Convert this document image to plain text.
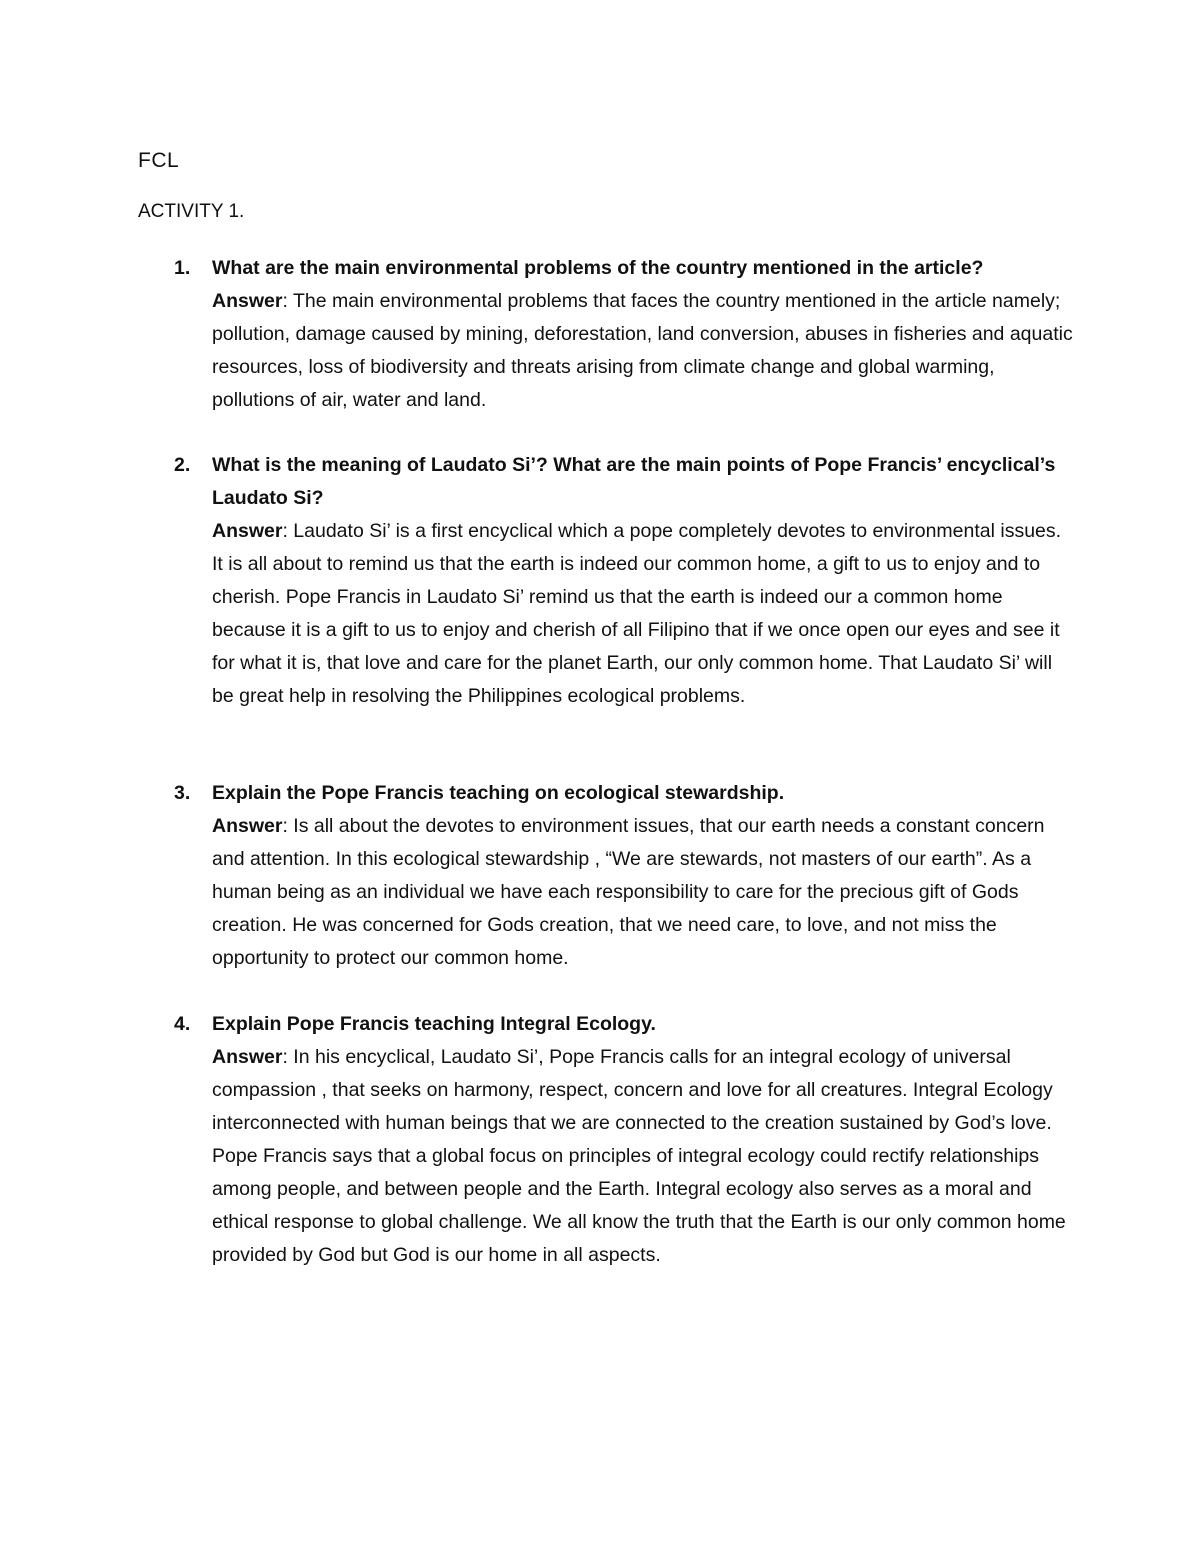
FCL
ACTIVITY 1.
1. What are the main environmental problems of the country mentioned in the article?
Answer: The main environmental problems that faces the country mentioned in the article namely; pollution, damage caused by mining, deforestation, land conversion, abuses in fisheries and aquatic resources, loss of biodiversity and threats arising from climate change and global warming, pollutions of air, water and land.
2. What is the meaning of Laudato Si’? What are the main points of Pope Francis’ encyclical’s Laudato Si?
Answer: Laudato Si’ is a first encyclical which a pope completely devotes to environmental issues. It is all about to remind us that the earth is indeed our common home, a gift to us to enjoy and to cherish. Pope Francis in Laudato Si’ remind us that the earth is indeed our a common home because it is a gift to us to enjoy and cherish of all Filipino that if we once open our eyes and see it for what it is, that love and care for the planet Earth, our only common home. That Laudato Si’ will be great help in resolving the Philippines ecological problems.
3. Explain the Pope Francis teaching on ecological stewardship.
Answer: Is all about the devotes to environment issues, that our earth needs a constant concern and attention. In this ecological stewardship , “We are stewards, not masters of our earth”. As a human being as an individual we have each responsibility to care for the precious gift of Gods creation. He was concerned for Gods creation, that we need care, to love, and not miss the opportunity to protect our common home.
4. Explain Pope Francis teaching Integral Ecology.
Answer: In his encyclical, Laudato Si’, Pope Francis calls for an integral ecology of universal compassion , that seeks on harmony, respect, concern and love for all creatures. Integral Ecology interconnected with human beings that we are connected to the creation sustained by God’s love. Pope Francis says that a global focus on principles of integral ecology could rectify relationships among people, and between people and the Earth. Integral ecology also serves as a moral and ethical response to global challenge. We all know the truth that the Earth is our only common home provided by God but God is our home in all aspects.
